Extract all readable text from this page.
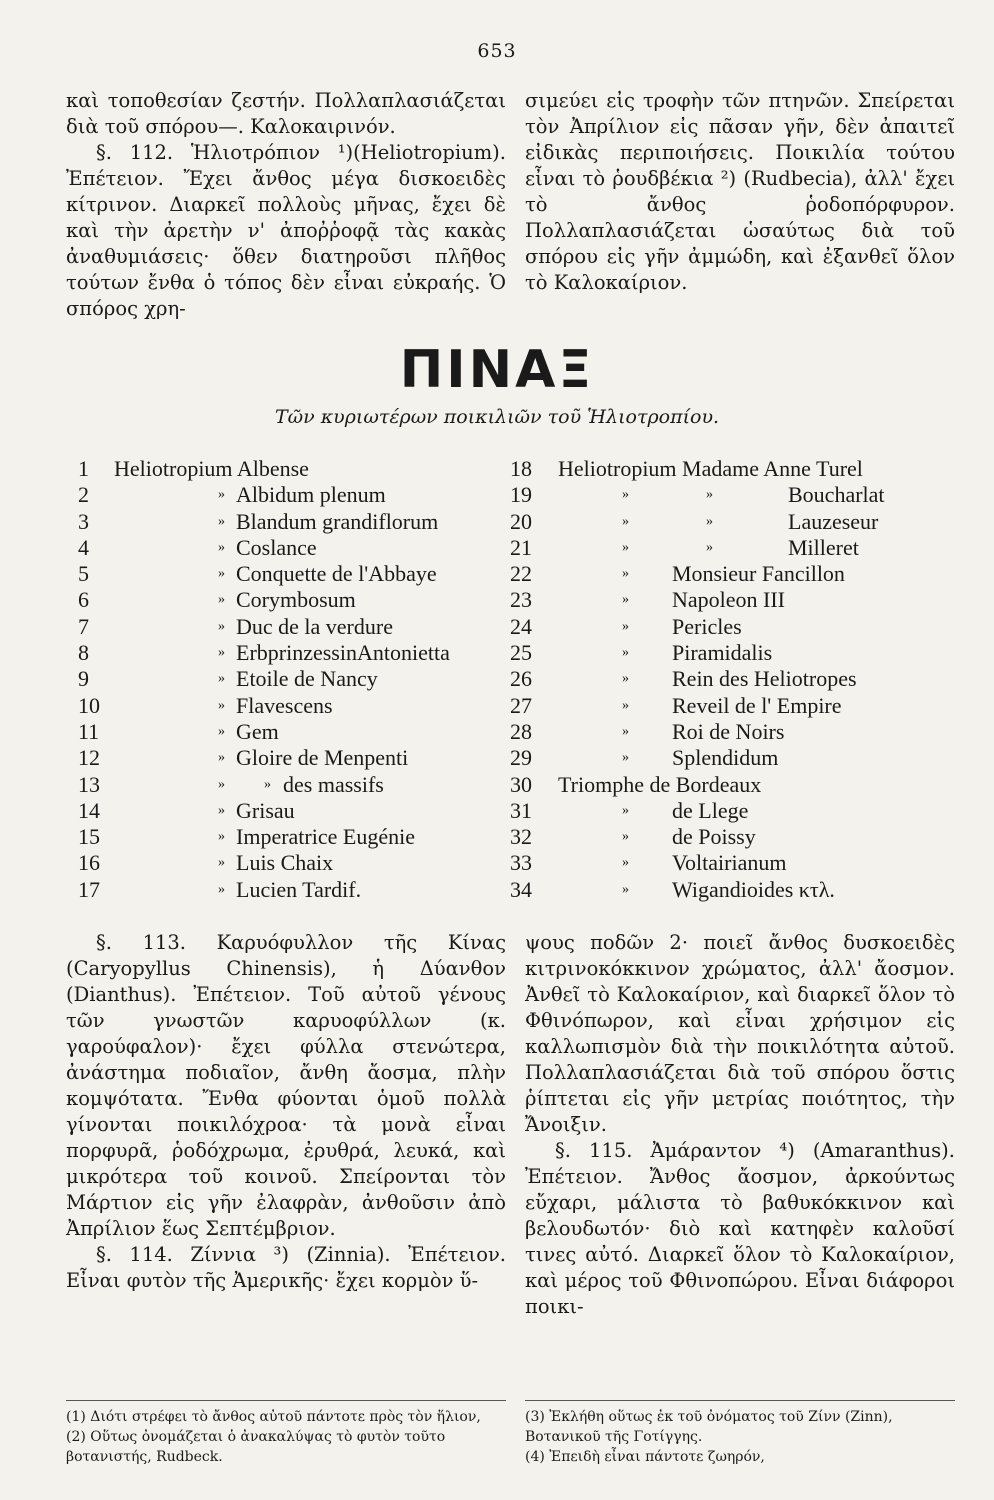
653

καὶ τοποθεσίαν ζεστήν. Πολλαπλασιάζεται διὰ τοῦ σπόρου—. Καλοκαιρινόν.

§. 112. Ἡλιοτρόπιον ¹)(Heliotropium). Ἐπέτειον. Ἔχει ἄνθος μέγα δισκοειδὲς κίτρινον. Διαρκεῖ πολλοὺς μῆνας, ἔχει δὲ καὶ τὴν ἀρετὴν ν' ἀποῤῥοφᾷ τὰς κακὰς ἀναθυμιάσεις· ὅθεν διατηροῦσι πλῆθος τούτων ἔνθα ὁ τόπος δὲν εἶναι εὐκραής. Ὁ σπόρος χρη-

σιμεύει εἰς τροφὴν τῶν πτηνῶν. Σπείρεται τὸν Ἀπρίλιον εἰς πᾶσαν γῆν, δὲν ἀπαιτεῖ εἰδικὰς περιποιήσεις. Ποικιλία τούτου εἶναι τὸ ῥουδβέκια ²) (Rudbecia), ἀλλ' ἔχει τὸ ἄνθος ῥοδοπόρφυρον. Πολλαπλασιάζεται ὡσαύτως διὰ τοῦ σπόρου εἰς γῆν ἀμμώδη, καὶ ἐξανθεῖ ὅλον τὸ Καλοκαίριον.

ΠΙΝΑΞ
Τῶν κυριωτέρων ποικιλιῶν τοῦ Ἡλιοτροπίου.
1	Heliotropium Albense
2	» Albidum plenum
3	» Blandum grandiflorum
4	» Coslance
5	» Conquette de l'Abbaye
6	» Corymbosum
7	» Duc de la verdure
8	» ErbprinzessinAntonietta
9	» Etoile de Nancy
10	» Flavescens
11	» Gem
12	» Gloire de Menpenti
13	»	» des massifs
14	» Grisau
15	» Imperatrice Eugénie
16	» Luis Chaix
17	» Lucien Tardif.
18	Heliotropium Madame Anne Turel
19	»	»	Boucharlat
20	»	»	Lauzeseur
21	»	»	Milleret
22	» Monsieur Fancillon
23	» Napoleon III
24	» Pericles
25	» Piramidalis
26	» Rein des Heliotropes
27	» Reveil de l' Empire
28	» Roi de Noirs
29	» Splendidum
30	Triomphe de Bordeaux
31	» de Llege
32	» de Poissy
33	» Voltairianum
34	» Wigandioides κτλ.

§. 113. Καρυόφυλλον τῆς Κίνας (Caryopyllus Chinensis), ἡ Δύανθον (Dianthus). Ἐπέτειον. Τοῦ αὐτοῦ γένους τῶν γνωστῶν καρυοφύλλων (κ. γαρούφαλον)· ἔχει φύλλα στενώτερα, ἀνάστημα ποδιαῖον, ἄνθη ἄοσμα, πλὴν κομψότατα. Ἔνθα φύονται ὁμοῦ πολλὰ γίνονται ποικιλόχροα· τὰ μονὰ εἶναι πορφυρᾶ, ῥοδόχρωμα, ἐρυθρά, λευκά, καὶ μικρότερα τοῦ κοινοῦ. Σπείρονται τὸν Μάρτιον εἰς γῆν ἐλαφρὰν, ἀνθοῦσιν ἀπὸ Ἀπρίλιον ἕως Σεπτέμβριον.

§. 114. Ζίννια ³) (Zinnia). Ἐπέτειον. Εἶναι φυτὸν τῆς Ἀμερικῆς· ἔχει κορμὸν ὕ-

ψους ποδῶν 2· ποιεῖ ἄνθος δυσκοειδὲς κιτρινοκόκκινον χρώματος, ἀλλ' ἄοσμον. Ἀνθεῖ τὸ Καλοκαίριον, καὶ διαρκεῖ ὅλον τὸ Φθινόπωρον, καὶ εἶναι χρήσιμον εἰς καλλωπισμὸν διὰ τὴν ποικιλότητα αὐτοῦ. Πολλαπλασιάζεται διὰ τοῦ σπόρου ὅστις ῥίπτεται εἰς γῆν μετρίας ποιότητος, τὴν Ἄνοιξιν.

§. 115. Ἀμάραντον ⁴) (Amaranthus). Ἐπέτειον. Ἄνθος ἄοσμον, ἀρκούντως εὔχαρι, μάλιστα τὸ βαθυκόκκινον καὶ βελουδωτόν· διὸ καὶ κατηφὲν καλοῦσί τινες αὐτό. Διαρκεῖ ὅλον τὸ Καλοκαίριον, καὶ μέρος τοῦ Φθινοπώρου. Εἶναι διάφοροι ποικι-

(1) Διότι στρέφει τὸ ἄνθος αὐτοῦ πάντοτε πρὸς τὸν ἥλιον,

(2) Οὕτως ὀνομάζεται ὁ ἀνακαλύψας τὸ φυτὸν τοῦτο βοτανιστής, Rudbeck.

(3) Ἐκλήθη οὕτως ἐκ τοῦ ὀνόματος τοῦ Ζίνν (Zinn), Βοτανικοῦ τῆς Γοτίγγης.

(4) Ἐπειδὴ εἶναι πάντοτε ζωηρόν,
